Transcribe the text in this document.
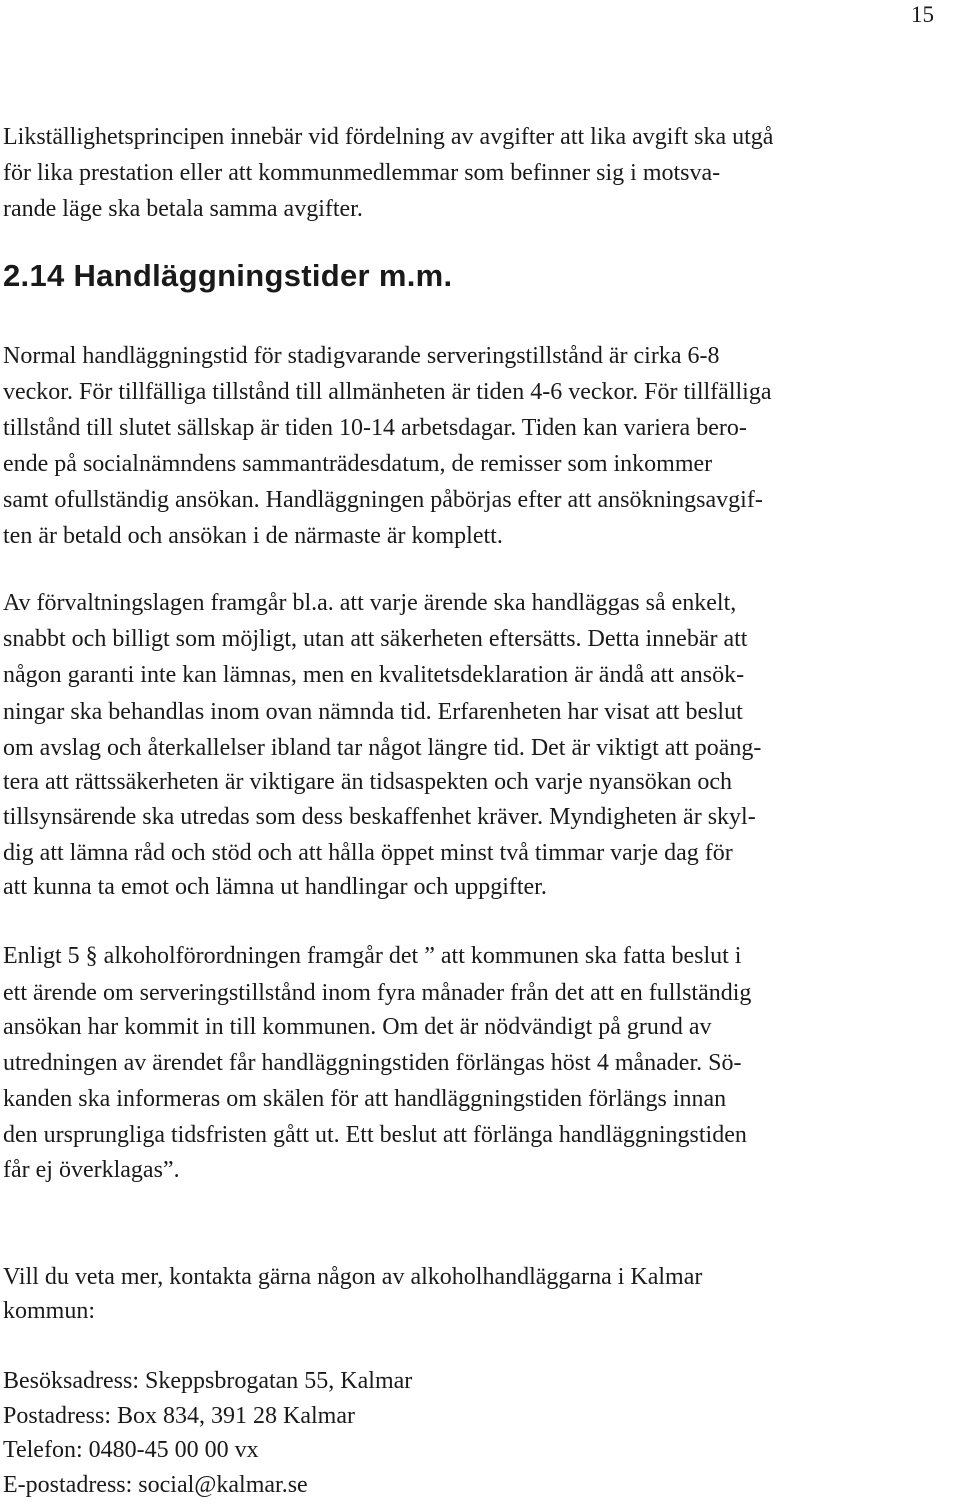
15
Likställighetsprincipen innebär vid fördelning av avgifter att lika avgift ska utgå
för lika prestation eller att kommunmedlemmar som befinner sig i motsva-
rande läge ska betala samma avgifter.
2.14 Handläggningstider m.m.
Normal handläggningstid för stadigvarande serveringstillstånd är cirka 6-8
veckor. För tillfälliga tillstånd till allmänheten är tiden 4-6 veckor. För tillfälliga
tillstånd till slutet sällskap är tiden 10-14 arbetsdagar. Tiden kan variera bero-
ende på socialnämndens sammanträdesdatum, de remisser som inkommer
samt ofullständig ansökan. Handläggningen påbörjas efter att ansökningsavgif-
ten är betald och ansökan i de närmaste är komplett.
Av förvaltningslagen framgår bl.a. att varje ärende ska handläggas så enkelt,
snabbt och billigt som möjligt, utan att säkerheten eftersätts. Detta innebär att
någon garanti inte kan lämnas, men en kvalitetsdeklaration är ändå att ansök-
ningar ska behandlas inom ovan nämnda tid. Erfarenheten har visat att beslut
om avslag och återkallelser ibland tar något längre tid. Det är viktigt att poäng-
tera att rättssäkerheten är viktigare än tidsaspekten och varje nyansökan och
tillsynsärende ska utredas som dess beskaffenhet kräver. Myndigheten är skyl-
dig att lämna råd och stöd och att hålla öppet minst två timmar varje dag för
att kunna ta emot och lämna ut handlingar och uppgifter.
Enligt 5 § alkoholförordningen framgår det ” att kommunen ska fatta beslut i
ett ärende om serveringstillstånd inom fyra månader från det att en fullständig
ansökan har kommit in till kommunen. Om det är nödvändigt på grund av
utredningen av ärendet får handläggningstiden förlängas höst 4 månader. Sö-
kanden ska informeras om skälen för att handläggningstiden förlängs innan
den ursprungliga tidsfristen gått ut. Ett beslut att förlänga handläggningstiden
får ej överklagas”.
Vill du veta mer, kontakta gärna någon av alkoholhandläggarna i Kalmar
kommun:
Besöksadress: Skeppsbrogatan 55, Kalmar
Postadress: Box 834, 391 28 Kalmar
Telefon: 0480-45 00 00 vx
E-postadress: social@kalmar.se
